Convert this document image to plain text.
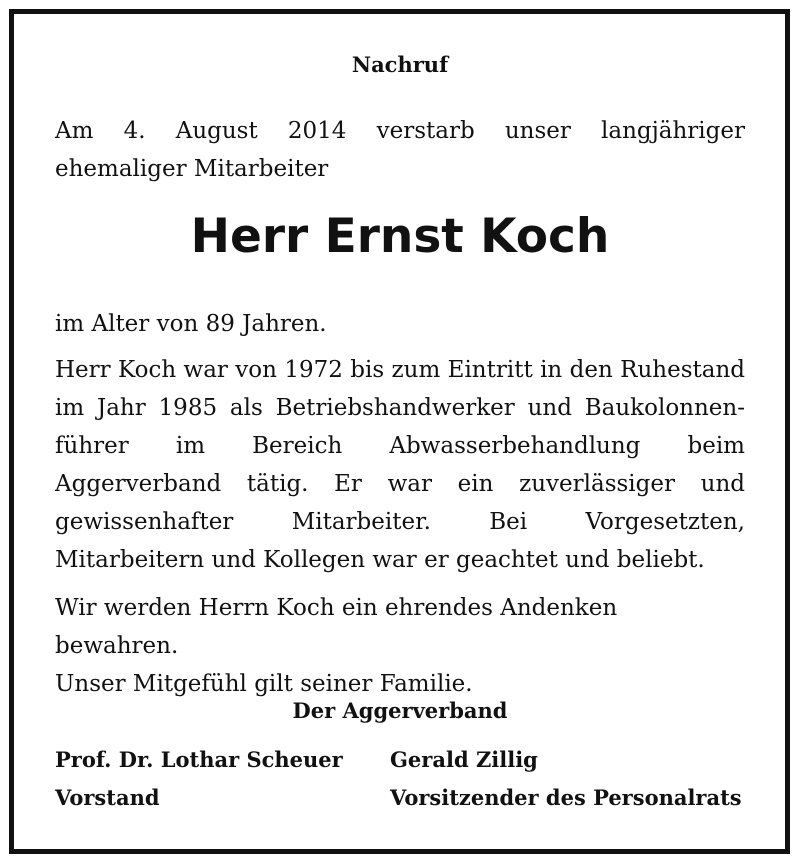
Nachruf
Am 4. August 2014 verstarb unser langjähriger ehemaliger Mitarbeiter
Herr Ernst Koch
im Alter von 89 Jahren.
Herr Koch war von 1972 bis zum Eintritt in den Ruhestand im Jahr 1985 als Betriebshandwerker und Baukolonnenführer im Bereich Abwasserbehandlung beim Aggerverband tätig. Er war ein zuverlässiger und gewissenhafter Mitarbeiter. Bei Vorgesetzten, Mitarbeitern und Kollegen war er geachtet und beliebt.
Wir werden Herrn Koch ein ehrendes Andenken bewahren.
Unser Mitgefühl gilt seiner Familie.
Der Aggerverband
Prof. Dr. Lothar Scheuer
Vorstand
Gerald Zillig
Vorsitzender des Personalrats
